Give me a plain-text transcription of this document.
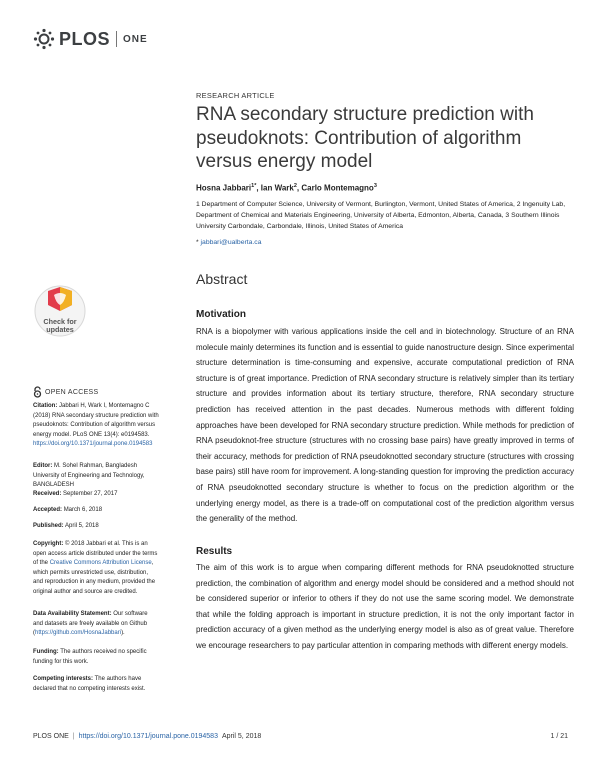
PLOS ONE
RESEARCH ARTICLE
RNA secondary structure prediction with pseudoknots: Contribution of algorithm versus energy model
Hosna Jabbari$^{1*}$, Ian Wark$^2$, Carlo Montemagno$^3$
1 Department of Computer Science, University of Vermont, Burlington, Vermont, United States of America, 2 Ingenuity Lab, Department of Chemical and Materials Engineering, University of Alberta, Edmonton, Alberta, Canada, 3 Southern Illinois University Carbondale, Carbondale, Illinois, United States of America
* jabbari@ualberta.ca
Abstract
Motivation

RNA is a biopolymer with various applications inside the cell and in biotechnology. Structure of an RNA molecule mainly determines its function and is essential to guide nanostructure design. Since experimental structure determination is time-consuming and expensive, accurate computational prediction of RNA structure is of great importance. Prediction of RNA secondary structure is relatively simpler than its tertiary structure and provides information about its tertiary structure, therefore, RNA secondary structure prediction has received attention in the past decades. Numerous methods with different folding approaches have been developed for RNA secondary structure prediction. While methods for prediction of RNA pseudoknot-free structure (structures with no crossing base pairs) have greatly improved in terms of their accuracy, methods for prediction of RNA pseudoknotted secondary structure (structures with crossing base pairs) still have room for improvement. A long-standing question for improving the prediction accuracy of RNA pseudoknotted secondary structure is whether to focus on the prediction algorithm or the underlying energy model, as there is a trade-off on computational cost of the prediction algorithm versus the generality of the method.

Results

The aim of this work is to argue when comparing different methods for RNA pseudoknotted structure prediction, the combination of algorithm and energy model should be considered and a method should not be considered superior or inferior to others if they do not use the same scoring model. We demonstrate that while the folding approach is important in structure prediction, it is not the only important factor in prediction accuracy of a given method as the underlying energy model is also as of great value. Therefore we encourage researchers to pay particular attention in comparing methods with different energy models.

Check for updates
OPEN ACCESS
Citation: Jabbari H, Wark I, Montemagno C (2018) RNA secondary structure prediction with pseudoknots: Contribution of algorithm versus energy model. PLoS ONE 13(4): e0194583. https://doi.org/10.1371/journal.pone.0194583
Editor: M. Sohel Rahman, Bangladesh University of Engineering and Technology, BANGLADESH
Received: September 27, 2017
Accepted: March 6, 2018
Published: April 5, 2018
Copyright: © 2018 Jabbari et al. This is an open access article distributed under the terms of the Creative Commons Attribution License, which permits unrestricted use, distribution, and reproduction in any medium, provided the original author and source are credited.
Data Availability Statement: Our software and datasets are freely available on Github (https://github.com/HosnaJabbari).
Funding: The authors received no specific funding for this work.
Competing interests: The authors have declared that no competing interests exist.
PLOS ONE | https://doi.org/10.1371/journal.pone.0194583 April 5, 2018	1 / 21
